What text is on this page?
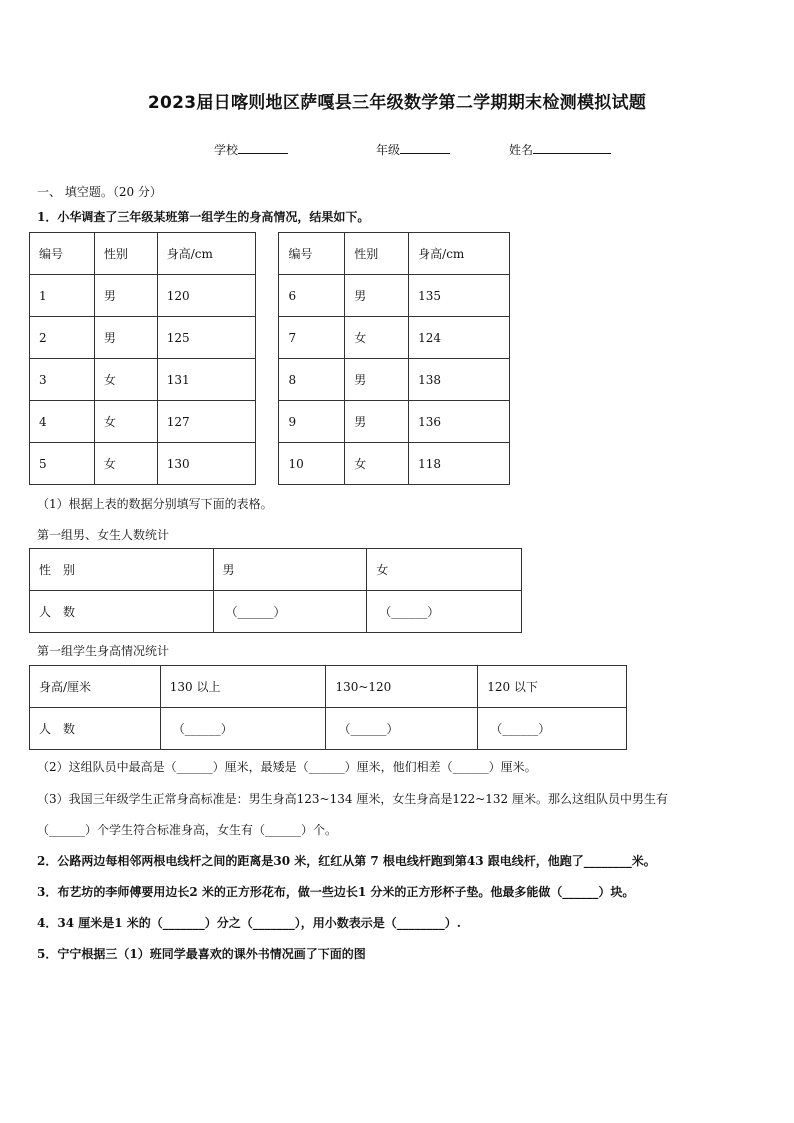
2023届日喀则地区萨嘎县三年级数学第二学期期末检测模拟试题
学校	年级	姓名
一、 填空题。（20 分）
1．小华调查了三年级某班第一组学生的身高情况，结果如下。
编号	性别	身高/cm		编号	性别	身高/cm
1	男	120		6	男	135
2	男	125		7	女	124
3	女	131		8	男	138
4	女	127		9	男	136
5	女	130		10	女	118
（1）根据上表的数据分别填写下面的表格。
第一组男、女生人数统计
性　别	男	女
人　数	（______）	（______）
第一组学生身高情况统计
身高/厘米	130 以上	130~120	120 以下
人　数	（______）	（______）	（______）
（2）这组队员中最高是（______）厘米，最矮是（______）厘米，他们相差（______）厘米。
（3）我国三年级学生正常身高标准是：男生身高123~134 厘米，女生身高是122~132 厘米。那么这组队员中男生有
（______）个学生符合标准身高，女生有（______）个。
2．公路两边每相邻两根电线杆之间的距离是30 米，红红从第 7 根电线杆跑到第43 跟电线杆，他跑了________米。
3．布艺坊的李师傅要用边长2 米的正方形花布，做一些边长1 分米的正方形杯子垫。他最多能做（______）块。
4．34 厘米是1 米的（_______）分之（_______），用小数表示是（________）.
5．宁宁根据三（1）班同学最喜欢的课外书情况画了下面的图
